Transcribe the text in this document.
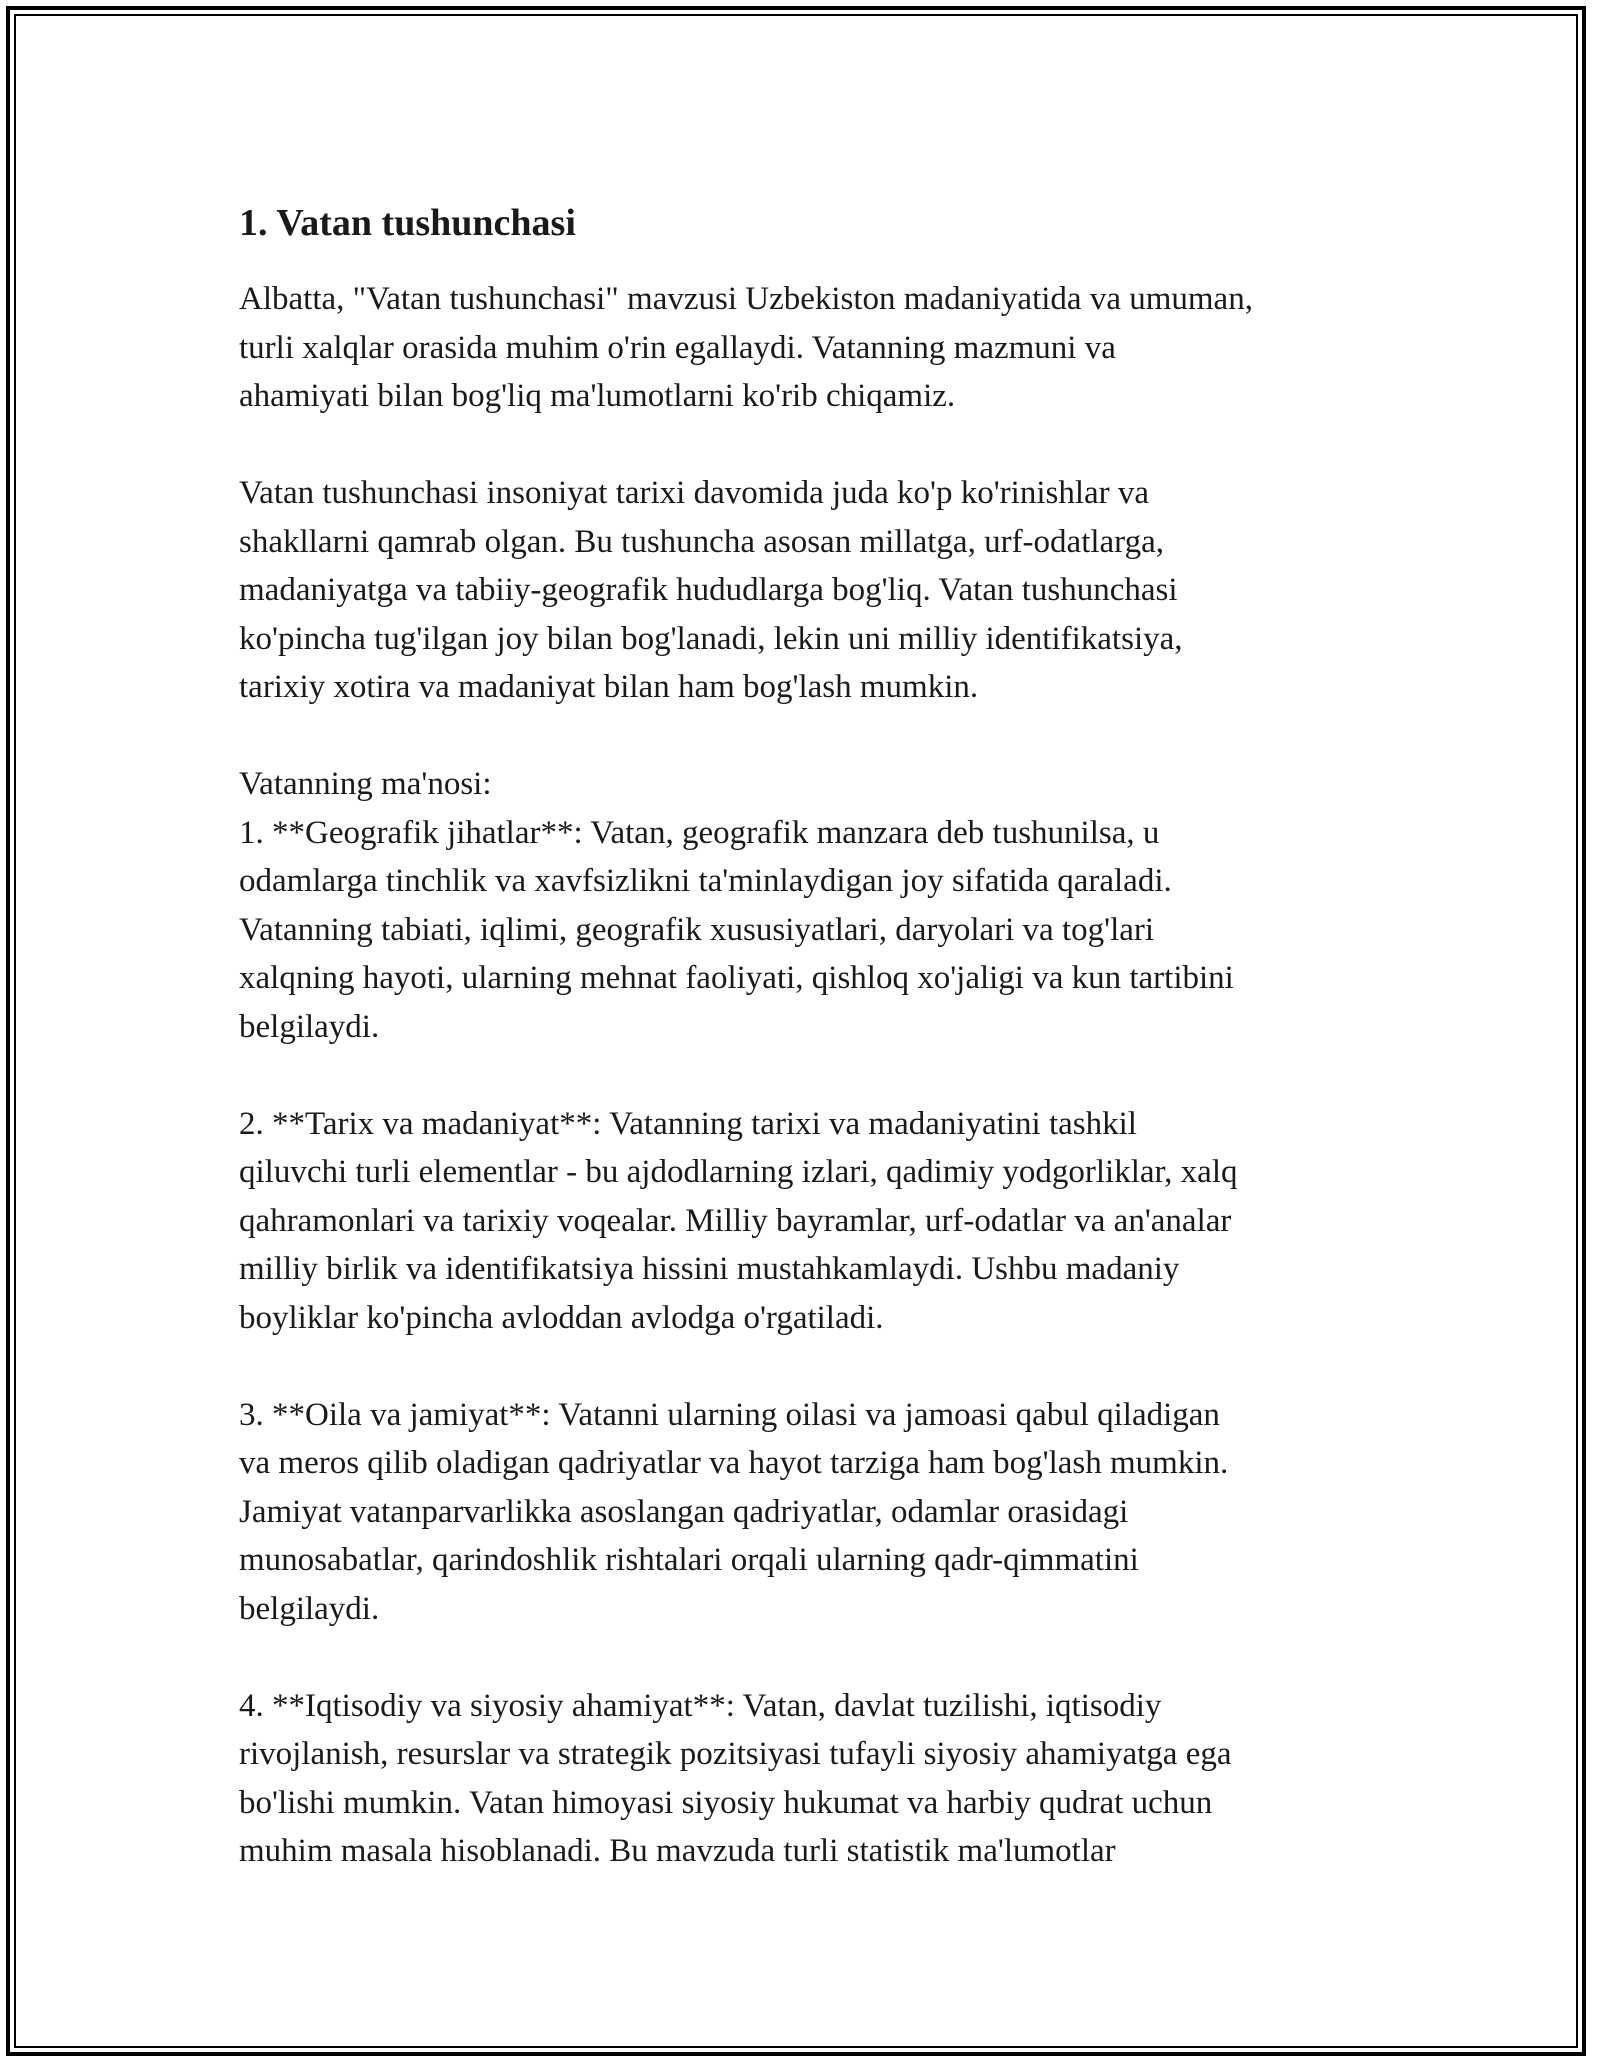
1. Vatan tushunchasi

Albatta, "Vatan tushunchasi" mavzusi Uzbekiston madaniyatida va umuman,
turli xalqlar orasida muhim o'rin egallaydi. Vatanning mazmuni va
ahamiyati bilan bog'liq ma'lumotlarni ko'rib chiqamiz.

Vatan tushunchasi insoniyat tarixi davomida juda ko'p ko'rinishlar va
shakllarni qamrab olgan. Bu tushuncha asosan millatga, urf-odatlarga,
madaniyatga va tabiiy-geografik hududlarga bog'liq. Vatan tushunchasi
ko'pincha tug'ilgan joy bilan bog'lanadi, lekin uni milliy identifikatsiya,
tarixiy xotira va madaniyat bilan ham bog'lash mumkin.

Vatanning ma'nosi:
1. **Geografik jihatlar**: Vatan, geografik manzara deb tushunilsa, u
odamlarga tinchlik va xavfsizlikni ta'minlaydigan joy sifatida qaraladi.
Vatanning tabiati, iqlimi, geografik xususiyatlari, daryolari va tog'lari
xalqning hayoti, ularning mehnat faoliyati, qishloq xo'jaligi va kun tartibini
belgilaydi.

2. **Tarix va madaniyat**: Vatanning tarixi va madaniyatini tashkil
qiluvchi turli elementlar - bu ajdodlarning izlari, qadimiy yodgorliklar, xalq
qahramonlari va tarixiy voqealar. Milliy bayramlar, urf-odatlar va an'analar
milliy birlik va identifikatsiya hissini mustahkamlaydi. Ushbu madaniy
boyliklar ko'pincha avloddan avlodga o'rgatiladi.

3. **Oila va jamiyat**: Vatanni ularning oilasi va jamoasi qabul qiladigan
va meros qilib oladigan qadriyatlar va hayot tarziga ham bog'lash mumkin.
Jamiyat vatanparvarlikka asoslangan qadriyatlar, odamlar orasidagi
munosabatlar, qarindoshlik rishtalari orqali ularning qadr-qimmatini
belgilaydi.

4. **Iqtisodiy va siyosiy ahamiyat**: Vatan, davlat tuzilishi, iqtisodiy
rivojlanish, resurslar va strategik pozitsiyasi tufayli siyosiy ahamiyatga ega
bo'lishi mumkin. Vatan himoyasi siyosiy hukumat va harbiy qudrat uchun
muhim masala hisoblanadi. Bu mavzuda turli statistik ma'lumotlar
